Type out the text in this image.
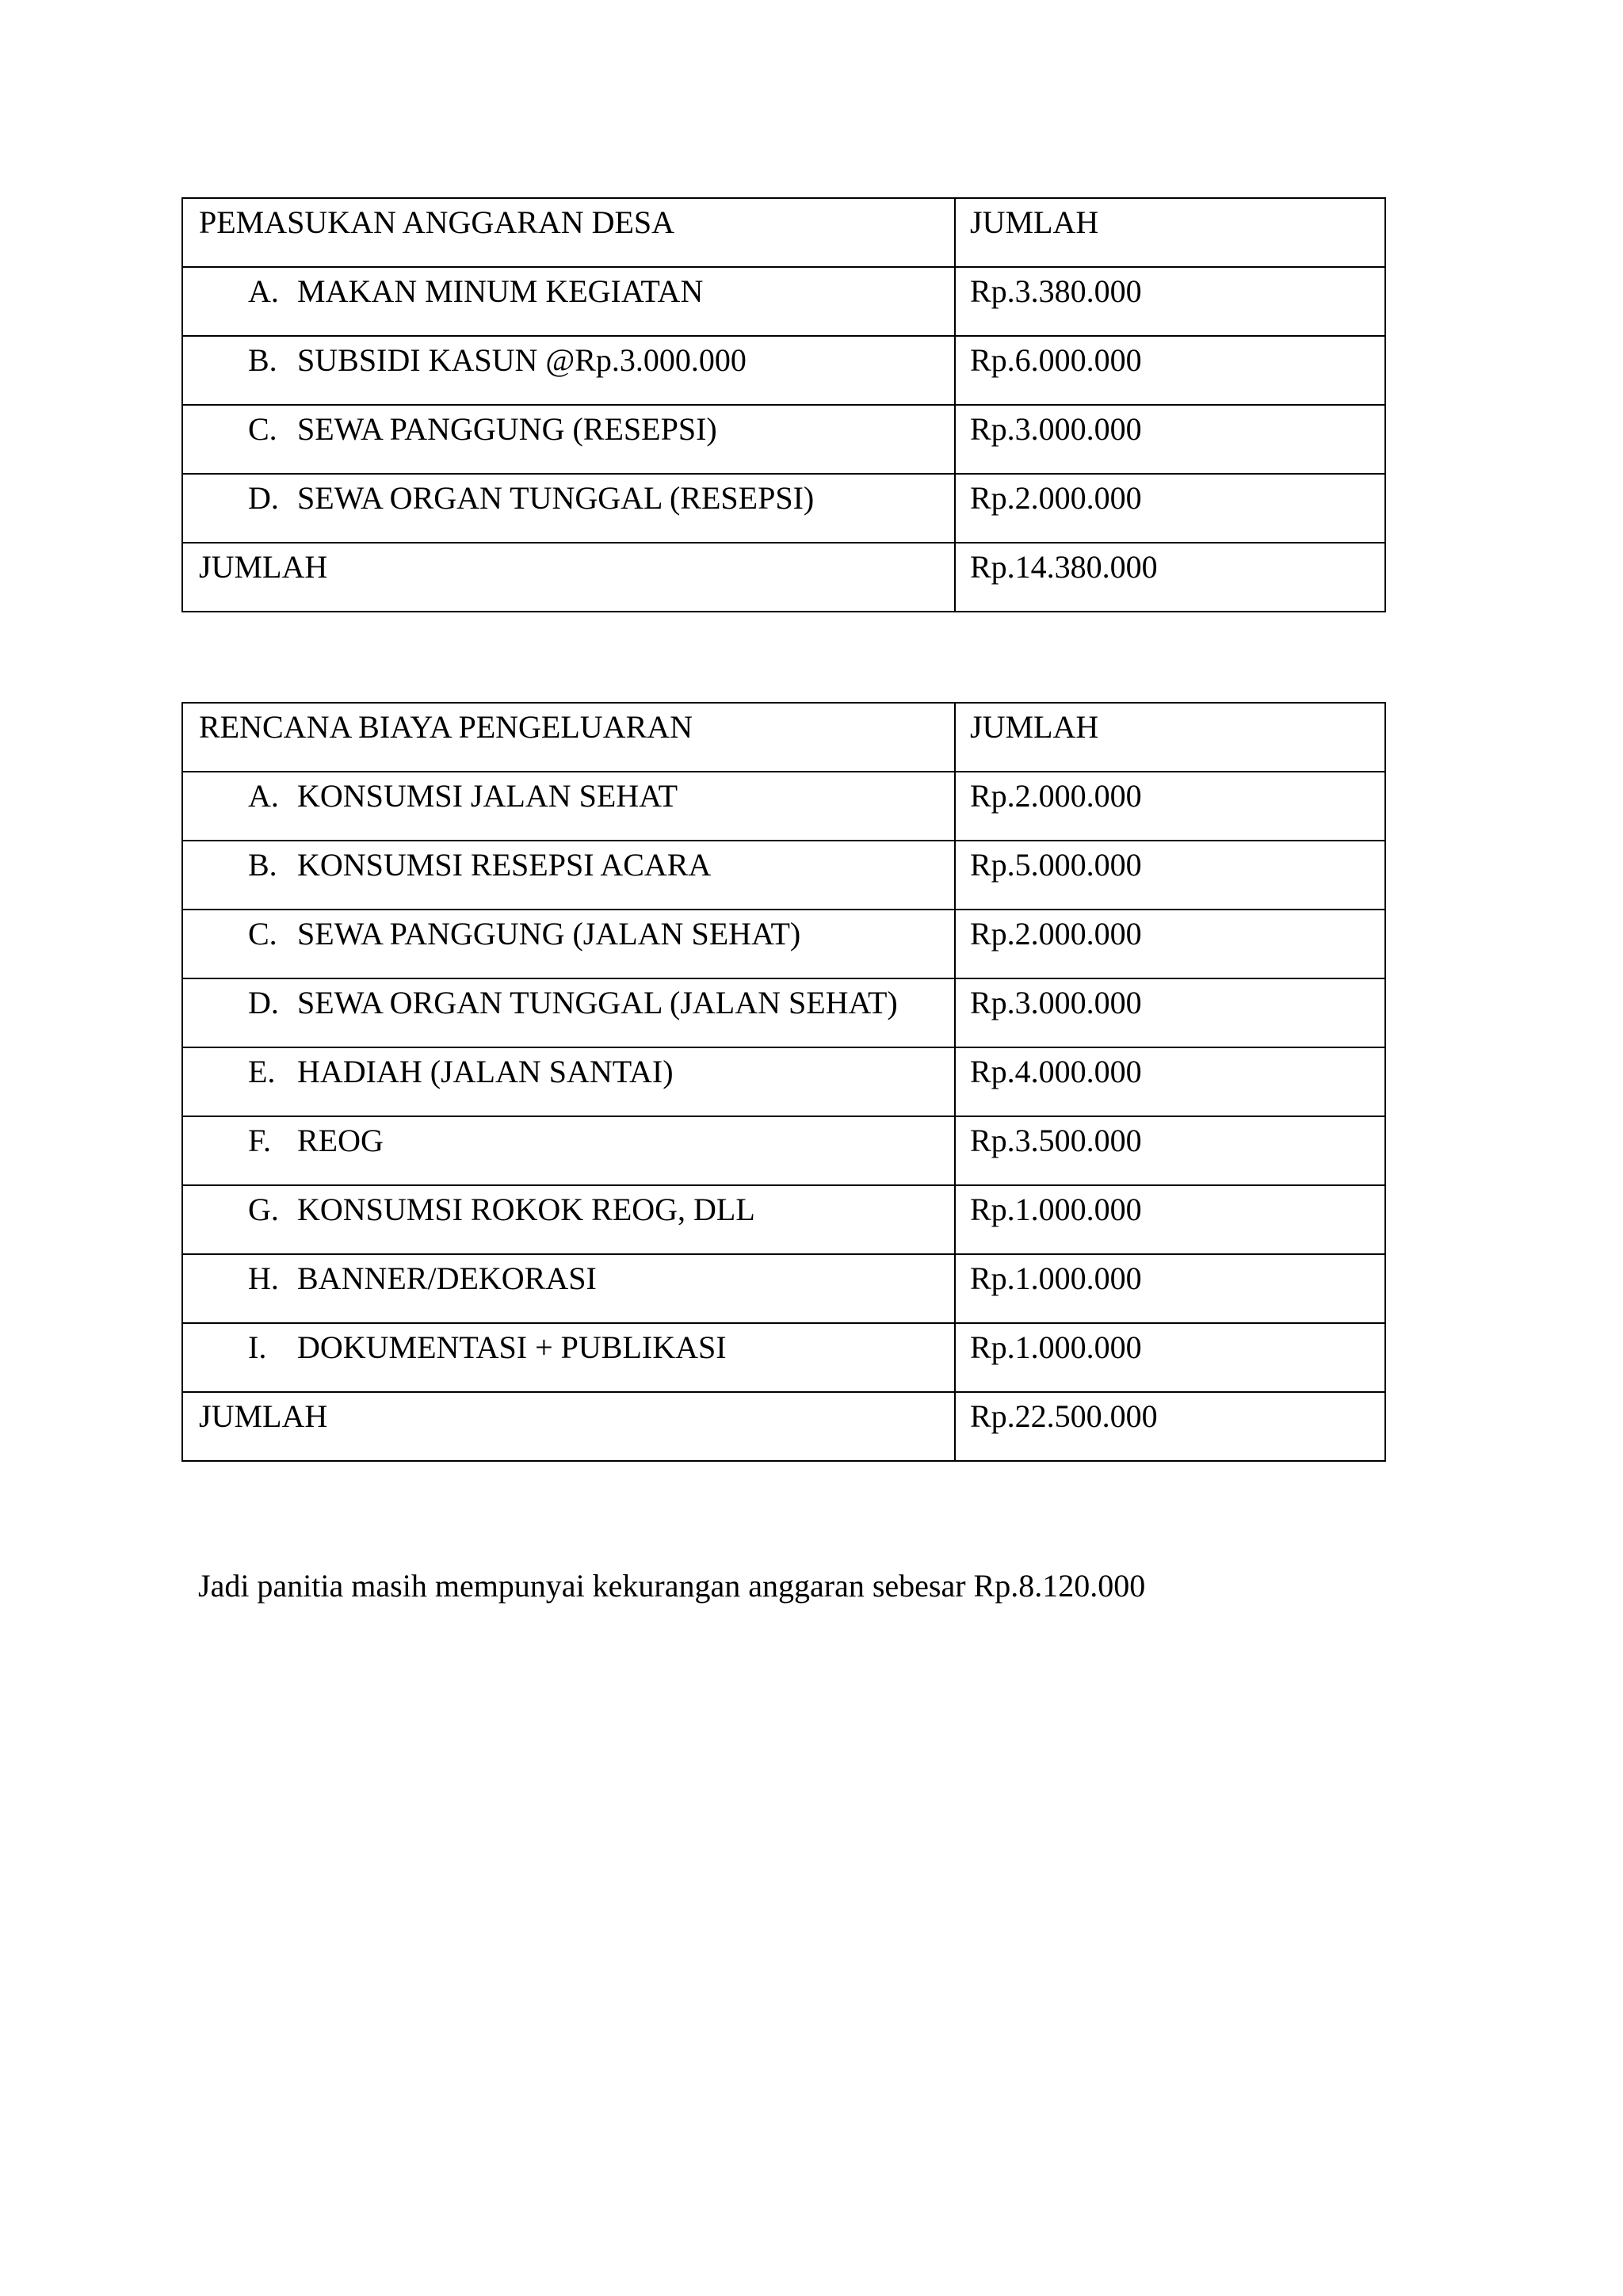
PEMASUKAN ANGGARAN DESA	JUMLAH
A. MAKAN MINUM KEGIATAN	Rp.3.380.000
B. SUBSIDI KASUN @Rp.3.000.000	Rp.6.000.000
C. SEWA PANGGUNG (RESEPSI)	Rp.3.000.000
D. SEWA ORGAN TUNGGAL (RESEPSI)	Rp.2.000.000
JUMLAH	Rp.14.380.000
RENCANA BIAYA PENGELUARAN	JUMLAH
A. KONSUMSI JALAN SEHAT	Rp.2.000.000
B. KONSUMSI RESEPSI ACARA	Rp.5.000.000
C. SEWA PANGGUNG (JALAN SEHAT)	Rp.2.000.000
D. SEWA ORGAN TUNGGAL (JALAN SEHAT)	Rp.3.000.000
E. HADIAH (JALAN SANTAI)	Rp.4.000.000
F. REOG	Rp.3.500.000
G. KONSUMSI ROKOK REOG, DLL	Rp.1.000.000
H. BANNER/DEKORASI	Rp.1.000.000
I. DOKUMENTASI + PUBLIKASI	Rp.1.000.000
JUMLAH	Rp.22.500.000
Jadi panitia masih mempunyai kekurangan anggaran sebesar Rp.8.120.000
